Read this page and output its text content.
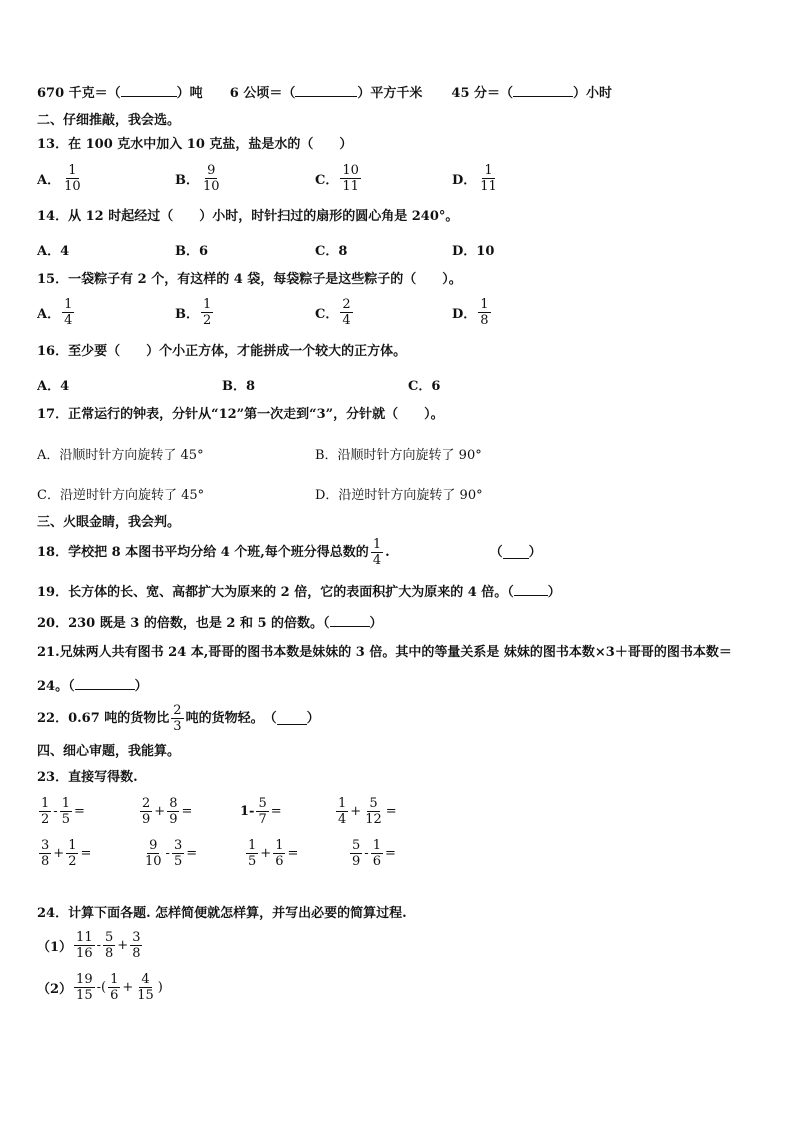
670 千克＝（	）吨 6 公顷＝（	）平方千米 45 分＝（	）小时
二、仔细推敲，我会选。
13．在 100 克水中加入 10 克盐，盐是水的（　　）
A． $\frac{1}{10}$	B． $\frac{9}{10}$	C． $\frac{10}{11}$	D． $\frac{1}{11}$
14．从 12 时起经过（　　）小时，时针扫过的扇形的圆心角是 240°。
A．4	B．6	C．8	D．10
15．一袋粽子有 2 个，有这样的 4 袋，每袋粽子是这些粽子的（　　）。
A． $\frac{1}{4}$	B． $\frac{1}{2}$	C． $\frac{2}{4}$	D． $\frac{1}{8}$
16．至少要（　　）个小正方体，才能拼成一个较大的正方体。
A．4	B．8	C．6
17．正常运行的钟表，分针从“12”第一次走到“3”，分针就（　　）。
A．沿顺时针方向旋转了 45°	B．沿顺时针方向旋转了 90°
C．沿逆时针方向旋转了 45°	D．沿逆时针方向旋转了 90°
三、火眼金睛，我会判。
18．学校把 8 本图书平均分给 4 个班,每个班分得总数的 $\frac{1}{4}$ .	（ ）
19．长方体的长、宽、高都扩大为原来的 2 倍，它的表面积扩大为原来的 4 倍。（	）
20．230 既是 3 的倍数，也是 2 和 5 的倍数。（	）
21.兄妹两人共有图书 24 本,哥哥的图书本数是妹妹的 3 倍。其中的等量关系是 妹妹的图书本数×3＋哥哥的图书本数＝
24。（	）
22．0.67 吨的货物比 $\frac{2}{3}$ 吨的货物轻。　（ ）
四、细心审题，我能算。
23．直接写得数.
$\frac{1}{2} - \frac{1}{5}$ =	$\frac{2}{9} + \frac{8}{9}$ =	$1- \frac{5}{7}$ =	$\frac{1}{4} + \frac{5}{12}$ =
$\frac{3}{8} + \frac{1}{2}$ =	$\frac{9}{10} - \frac{3}{5}$ =	$\frac{1}{5} + \frac{1}{6}$ =	$\frac{5}{9} - \frac{1}{6}$ =
24．计算下面各题. 怎样简便就怎样算，并写出必要的简算过程.
$(1) \frac{11}{16} - \frac{5}{8} + \frac{3}{8}$
$(2) \frac{19}{15}$ -( $\frac{1}{6} + \frac{4}{15}$ )
